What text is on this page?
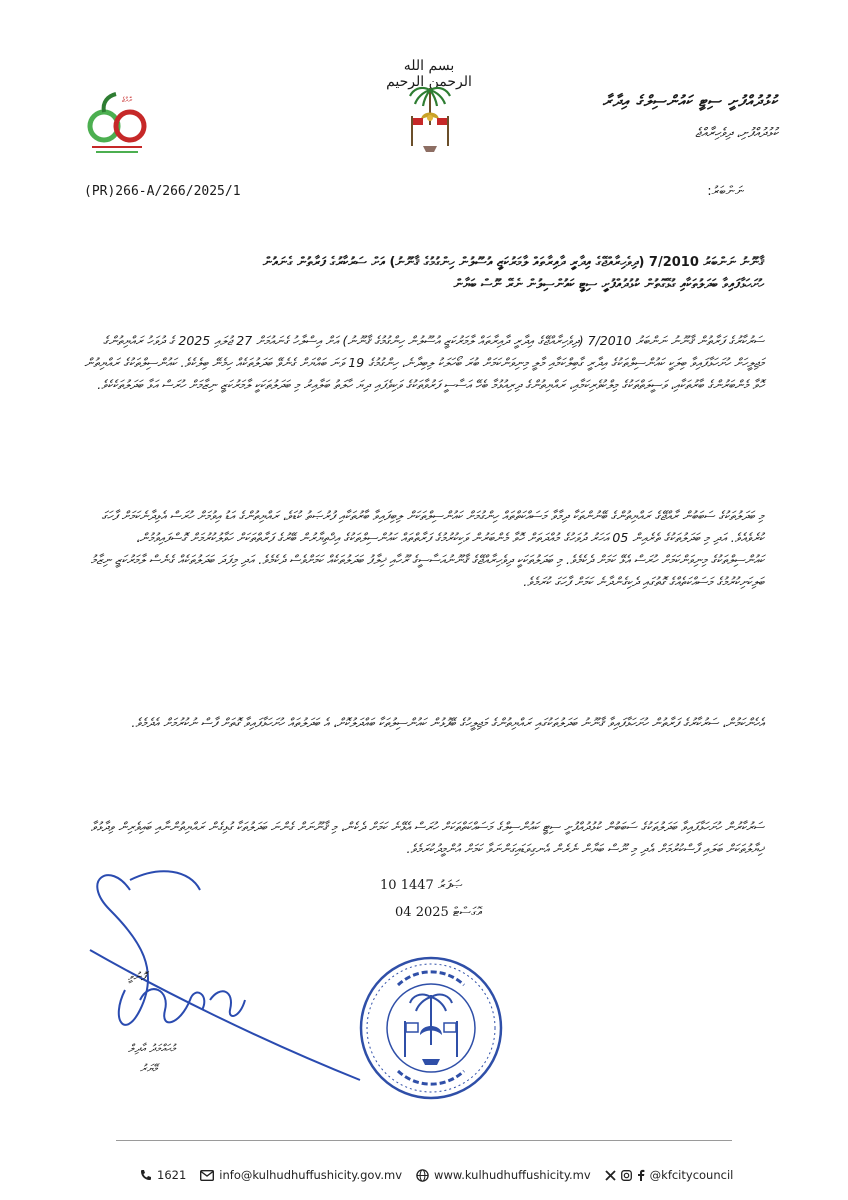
ކުޅުދުއްފުށީ ސިޓީ ކައުންސިލްގެ އިދާރާ
ކުޅުދުއްފުށި، ދިވެހިރާއްޖެ
بسم الله الرحمن الرحيم
ރާއްޖެ
(PR)266-A/266/2025/1	ނަންބަރު:
ޤާނޫނު ނަންބަރު 7/2010 (ދިވެހިރާއްޖޭގެ އިދާރީ ދާއިރާތައް ލާމަރުކަޒީ އުސޫލުން ހިންގުމުގެ ޤާނޫނު) އަށް ސަރުކާރުގެ ފަރާތުން ގެނައުން
ހުށަހަޅާފައިވާ ބަދަލުތަކާއި ގުޅޭގޮތުން ކުޅުދުއްފުށީ ސިޓީ ކައުންސިލުން ނެރޭ ނޫސް ބަޔާން
ސަރުކާރުގެ ފަރާތުން ޤާނޫނު ނަންބަރު 7/2010 (ދިވެހިރާއްޖޭގެ އިދާރީ ދާއިރާތައް ލާމަރުކަޒީ އުސޫލުން ހިންގުމުގެ ޤާނޫނު) އަށް އިސްލާހު ގެނައުމަށް 27 ޖުލައި 2025 ގެ ދުވަހު ރައްޔިތުންގެ މަޖިލީހަށް ހުށަހަޅާފައިވާ ބިލަކީ ކައުންސިލްތަކުގެ އިދާރީ ގާބިލްކަމާއި މާލީ މިނިވަންކަމަށް ބުރަ ބޯހަލަކު ލިބިދާނެ، ހިންގުމުގެ 19 ވަނަ ބައްޔަށް ގެނެވޭ ބަދަލުތަކެއް ހިމެނޭ ބިލެކެވެ. ކައުންސިލްތަކުގެ ރައްޔިތުން ހޮވާ މެންބަރުންގެ ބާރުތަކާއި، ވަސީލަތްތަކުގެ މިލްކުވެރިކަމާއި، ރައްޔިތުންގެ ދިރިއުޅުމާ ބެހޭ އަސާސީ ފަރުވާތަކުގެ ވަކިވެފައި ދިޔަ ހާލަތު ބަލާއިރު މި ބަދަލުތަކަކީ ލާމަރުކަޒީ ނިޒާމަށް ހުރަސް އަޅާ ބަދަލުތަކެކެވެ.
މި ބަދަލުތަކުގެ ސަބަބުން ރާއްޖޭގެ ރައްޔިތުންގެ ބޭނުންތަކާ ދިމާވާ މަސައްކަތްތައް ހިންގުމަށް ކައުންސިލްތަކަށް ލިބިފައިވާ ބާރުތަކާއި ފުރުޞަތު ކުޑަވެ، ރައްޔިތުންގެ އަޑު އިވުމަށް ހުރަސް އެޅިދާނެކަމަށް ފާހަގަ ކުރެވެއެވެ. އަދި މި ބަދަލުތަކުގެ ތެރެއިން 05 އަހަރު ދުވަހުގެ މުއްދަތަށް ހޮވާ މެންބަރުން ވަކިކުރުމުގެ ފަރާތްތައް ކައުންސިލްތަކުގެ އިޚްތިޔާރުން ބޭރުގެ ފަރާތްތަކަށް ހަވާލުކުރުމަށް ގޮސްފައިވުމުން، ކައުންސިލްތަކުގެ މިނިވަންކަމަށް ހުރަސް އެޅޭ ކަމަށް ދެކެމެވެ. މި ބަދަލުތަކަކީ ދިވެހިރާއްޖޭގެ ޤާނޫނުއަސާސީގެ ރޫހާއި ޚިލާފު ބަދަލުތަކެއް ކަމަށްވެސް ދެކެމެވެ. އަދި މިފަދަ ބަދަލުތަކެއް ގެނެސް ލާމަރުކަޒީ ނިޒާމު ބަލިކަށިކުރުމުގެ މަސައްކަތެއްގެ ގޮތުގައި ދެކިގެންދާނެ ކަމަށް ފާހަގަ ކުރަމެވެ.
އެހެންކަމުން، ސަރުކާރުގެ ފަރާތުން ހުށަހަޅާފައިވާ ޤާނޫނު ބަދަލުތަކުގައި ރައްޔިތުންގެ މަޖިލީހުގެ ބޭފުޅުން ކައުންސިލުތަކާ ބައްދަލުކޮށް، އެ ބަދަލުތައް ހުށަހަޅާފައިވާ ގޮތަށް ފާސް ނުކުރުމަށް އެދެމެވެ.
ސަރުކާރުން ހުށަހަޅާފައިވާ ބަދަލުތަކުގެ ސަބަބުން ކުޅުދުއްފުށީ ސިޓީ ކައުންސިލްގެ މަސައްކަތްތަކަށް ހުރަސް އެޅޭނެ ކަމަށް ދެކެން، މި ޤާނޫނަށް ގެންނަ ބަދަލުތަކާ ގުޅިގެން ރައްޔިތުންނާއި ބައިވެރިން ވިދާޅުވާ ޚިޔާލުތަކަށް ބަލައި ފާސްކުރުމަށް އެދި މި ނޫސް ބަޔާން ނެރެން އެނގިވަޑައިގަންނަވާ ކަމަށް އުންމީދުކުރަމެވެ.
10 ޞަފަރު 1447
04 އޮގަސްޓް 2025
ފޮނުވީ
މުޙައްމަދު އާދިލް
މޭޔަރު
1621	info@kulhudhuffushicity.gov.mv	www.kulhudhuffushicity.mv	@kfcitycouncil
